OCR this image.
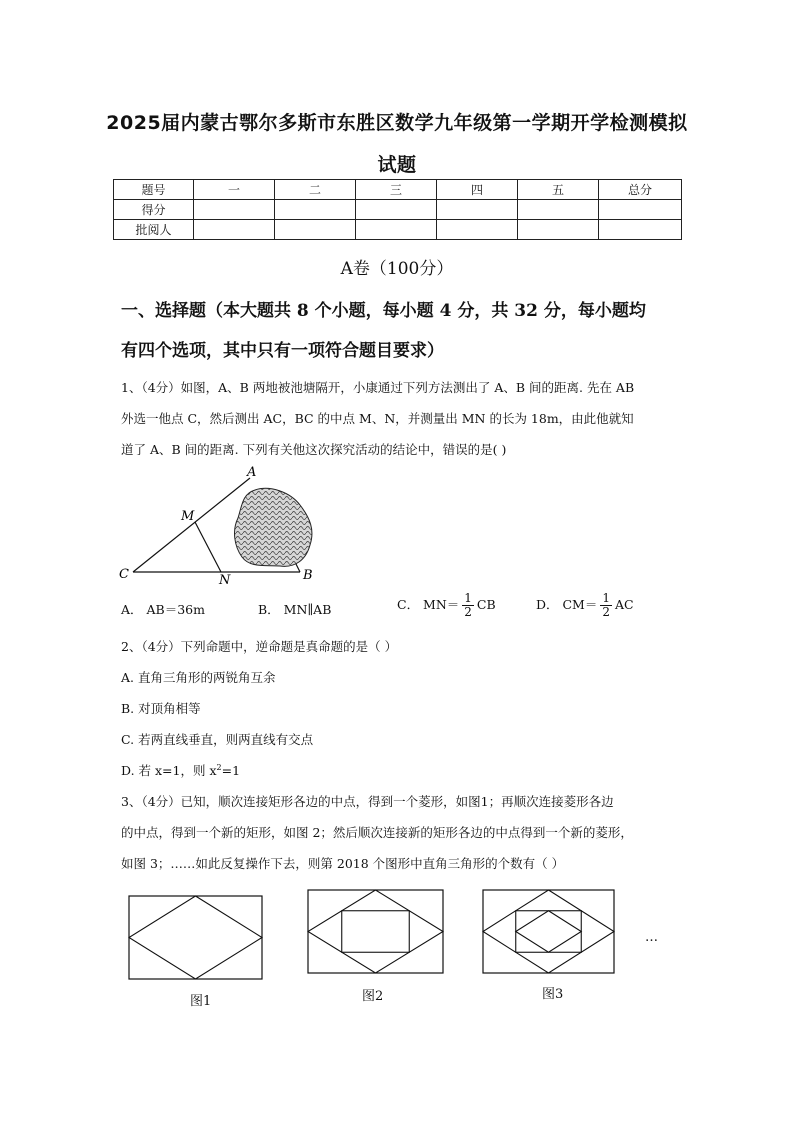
2025届内蒙古鄂尔多斯市东胜区数学九年级第一学期开学检测模拟
试题
题号	一	二	三	四	五	总分
得分						
批阅人						
A卷（100分）
一、选择题（本大题共 8 个小题，每小题 4 分，共 32 分，每小题均
有四个选项，其中只有一项符合题目要求）
1、（4分）如图，A、B 两地被池塘隔开，小康通过下列方法测出了 A、B 间的距离. 先在 AB
外选一他点 C，然后测出 AC，BC 的中点 M、N，并测量出 MN 的长为 18m，由此他就知
道了 A、B 间的距离. 下列有关他这次探究活动的结论中，错误的是( )
A
M
C	N	B
A． AB＝36m	B． MN∥AB	C． $MN= \frac{1}{2}$ CB	D． $CM= \frac{1}{2}$ AC
2、（4分）下列命题中，逆命题是真命题的是（ ）
A. 直角三角形的两锐角互余
B. 对顶角相等
C. 若两直线垂直，则两直线有交点
D. 若 x=1，则 $x^2=1$
3、（4分）已知，顺次连接矩形各边的中点，得到一个菱形，如图1；再顺次连接菱形各边
的中点，得到一个新的矩形，如图 2；然后顺次连接新的矩形各边的中点得到一个新的菱形，
如图 3；……如此反复操作下去，则第 2018 个图形中直角三角形的个数有（ ）
图1	图2	图3
…
